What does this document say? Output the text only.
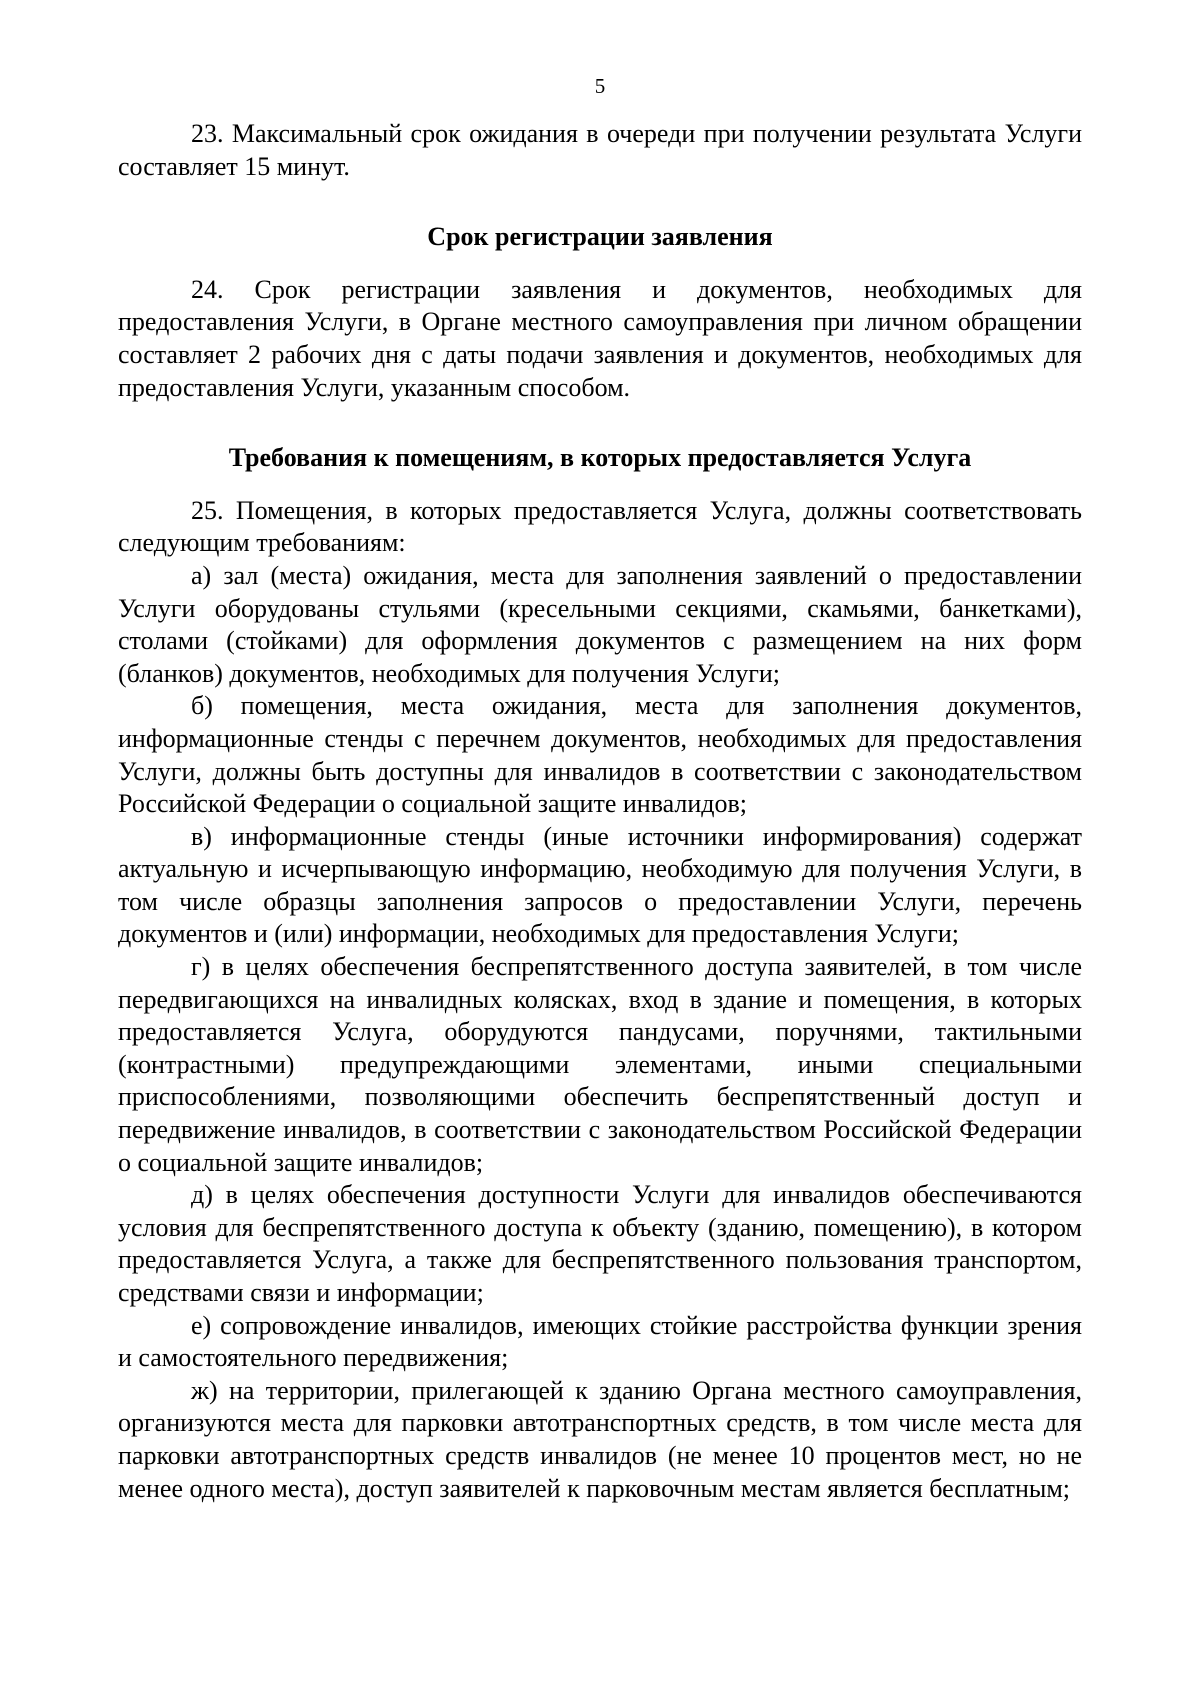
5

23. Максимальный срок ожидания в очереди при получении результата Услуги составляет 15 минут.

Срок регистрации заявления

24. Срок регистрации заявления и документов, необходимых для предоставления Услуги, в Органе местного самоуправления при личном обращении составляет 2 рабочих дня с даты подачи заявления и документов, необходимых для предоставления Услуги, указанным способом.

Требования к помещениям, в которых предоставляется Услуга

25. Помещения, в которых предоставляется Услуга, должны соответствовать следующим требованиям:

а) зал (места) ожидания, места для заполнения заявлений о предоставлении Услуги оборудованы стульями (кресельными секциями, скамьями, банкетками), столами (стойками) для оформления документов с размещением на них форм (бланков) документов, необходимых для получения Услуги;

б) помещения, места ожидания, места для заполнения документов, информационные стенды с перечнем документов, необходимых для предоставления Услуги, должны быть доступны для инвалидов в соответствии с законодательством Российской Федерации о социальной защите инвалидов;

в) информационные стенды (иные источники информирования) содержат актуальную и исчерпывающую информацию, необходимую для получения Услуги, в том числе образцы заполнения запросов о предоставлении Услуги, перечень документов и (или) информации, необходимых для предоставления Услуги;

г) в целях обеспечения беспрепятственного доступа заявителей, в том числе передвигающихся на инвалидных колясках, вход в здание и помещения, в которых предоставляется Услуга, оборудуются пандусами, поручнями, тактильными (контрастными) предупреждающими элементами, иными специальными приспособлениями, позволяющими обеспечить беспрепятственный доступ и передвижение инвалидов, в соответствии с законодательством Российской Федерации о социальной защите инвалидов;

д) в целях обеспечения доступности Услуги для инвалидов обеспечиваются условия для беспрепятственного доступа к объекту (зданию, помещению), в котором предоставляется Услуга, а также для беспрепятственного пользования транспортом, средствами связи и информации;

е) сопровождение инвалидов, имеющих стойкие расстройства функции зрения и самостоятельного передвижения;

ж) на территории, прилегающей к зданию Органа местного самоуправления, организуются места для парковки автотранспортных средств, в том числе места для парковки автотранспортных средств инвалидов (не менее 10 процентов мест, но не менее одного места), доступ заявителей к парковочным местам является бесплатным;
